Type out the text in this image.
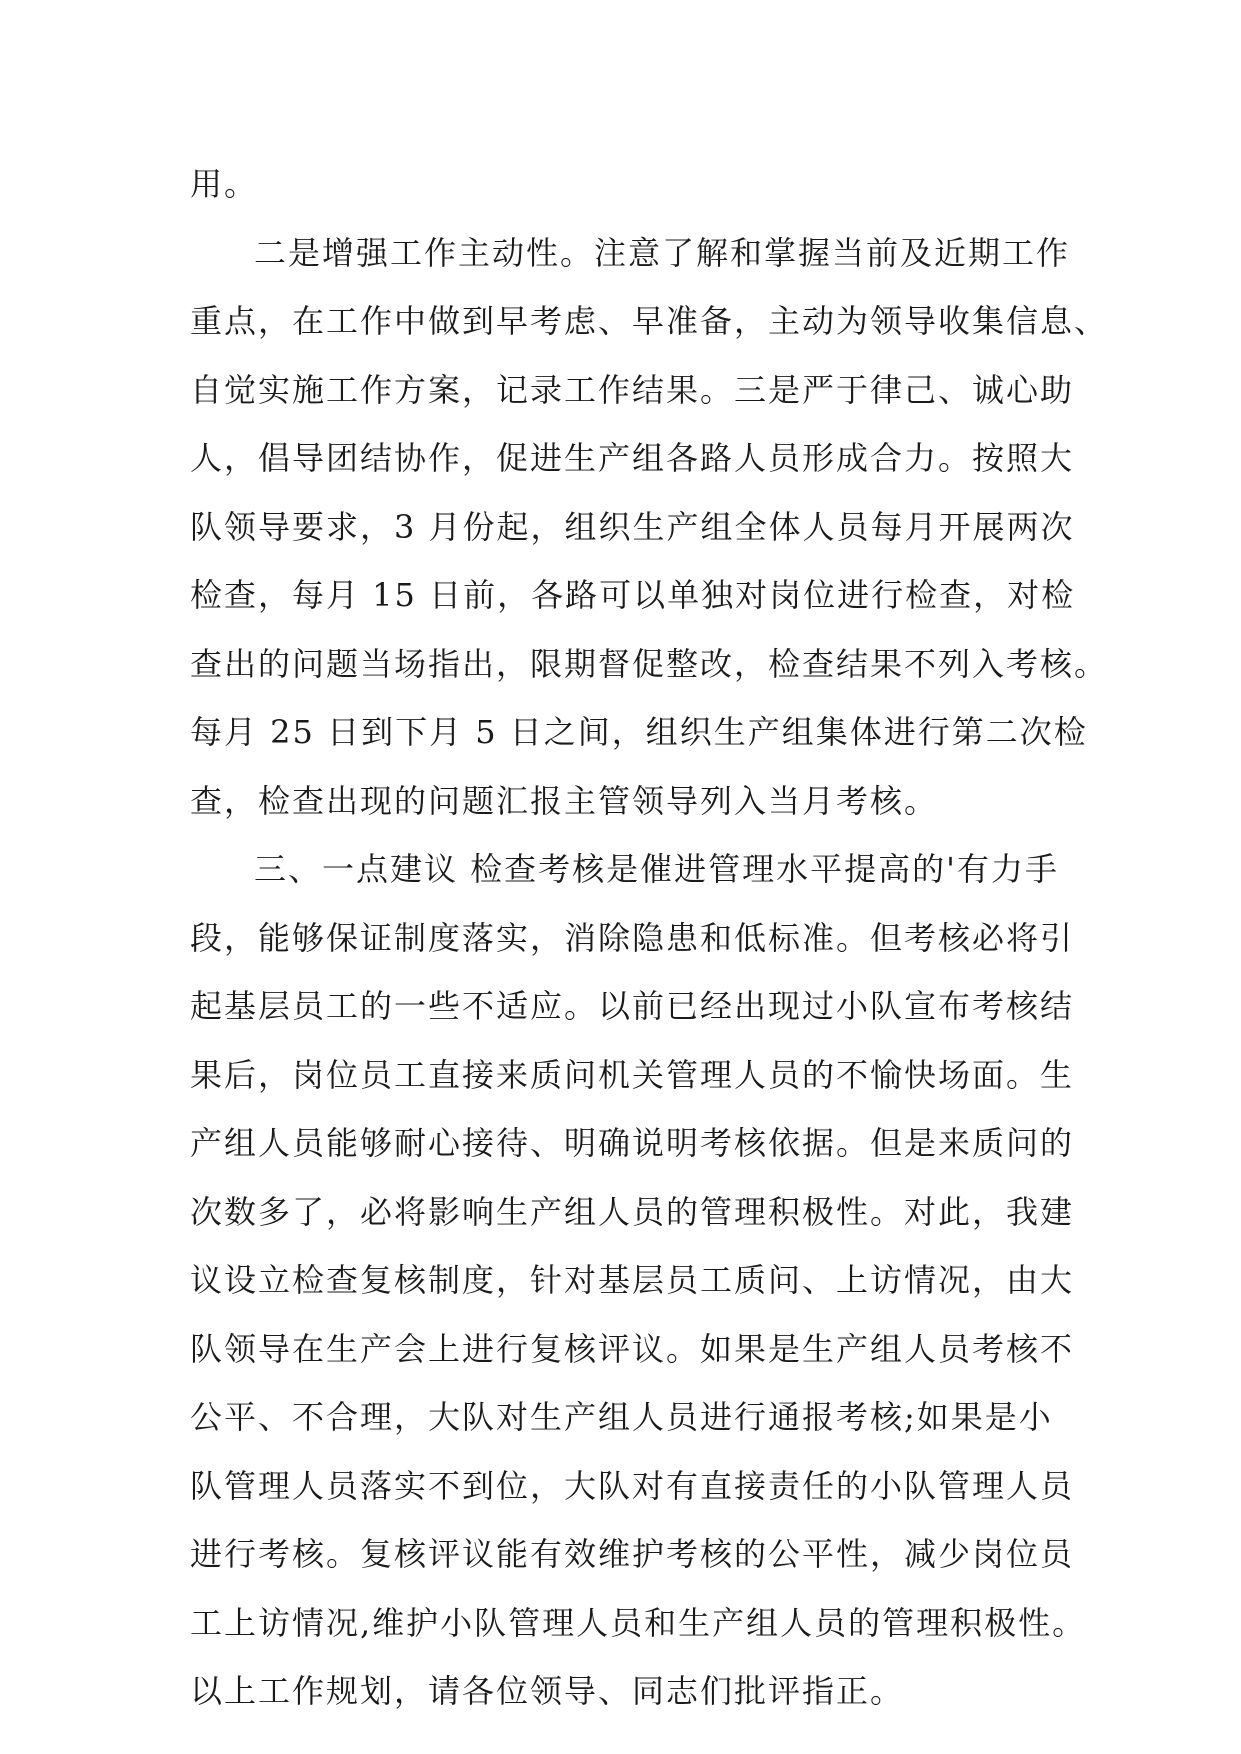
用。
二是增强工作主动性。注意了解和掌握当前及近期工作
重点，在工作中做到早考虑、早准备，主动为领导收集信息、
自觉实施工作方案，记录工作结果。三是严于律己、诚心助
人，倡导团结协作，促进生产组各路人员形成合力。按照大
队领导要求，3 月份起，组织生产组全体人员每月开展两次
检查，每月 15 日前，各路可以单独对岗位进行检查，对检
查出的问题当场指出，限期督促整改，检查结果不列入考核。
每月 25 日到下月 5 日之间，组织生产组集体进行第二次检
查，检查出现的问题汇报主管领导列入当月考核。
三、一点建议 检查考核是催进管理水平提高的'有力手
段，能够保证制度落实，消除隐患和低标准。但考核必将引
起基层员工的一些不适应。以前已经出现过小队宣布考核结
果后，岗位员工直接来质问机关管理人员的不愉快场面。生
产组人员能够耐心接待、明确说明考核依据。但是来质问的
次数多了，必将影响生产组人员的管理积极性。对此，我建
议设立检查复核制度，针对基层员工质问、上访情况，由大
队领导在生产会上进行复核评议。如果是生产组人员考核不
公平、不合理，大队对生产组人员进行通报考核;如果是小
队管理人员落实不到位，大队对有直接责任的小队管理人员
进行考核。复核评议能有效维护考核的公平性，减少岗位员
工上访情况,维护小队管理人员和生产组人员的管理积极性。
以上工作规划，请各位领导、同志们批评指正。
